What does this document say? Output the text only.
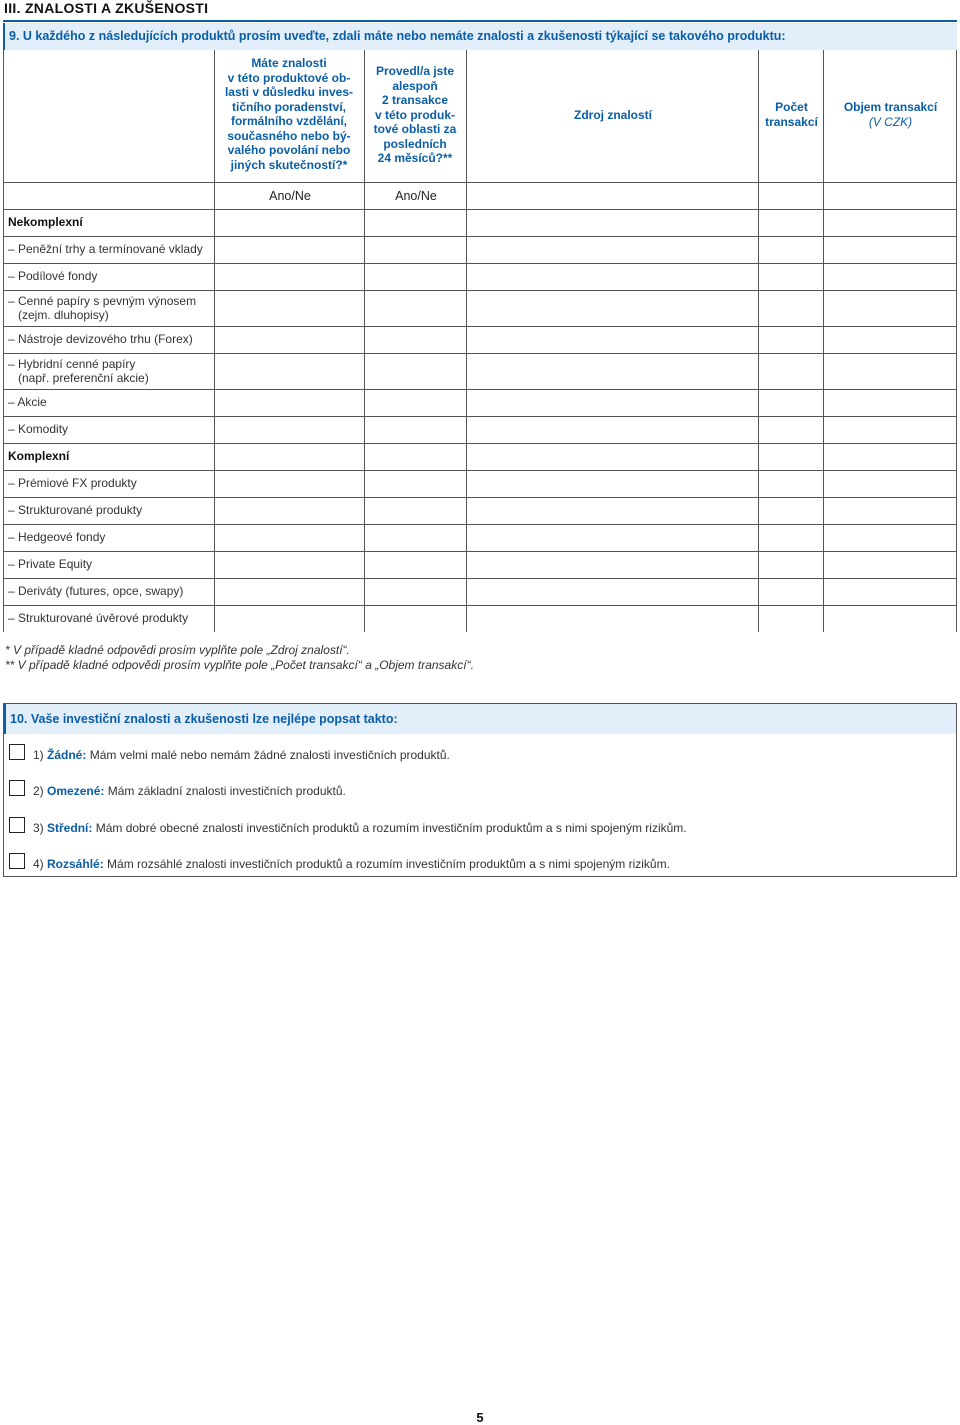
III. ZNALOSTI A ZKUŠENOSTI
9. U každého z následujících produktů prosím uveďte, zdali máte nebo nemáte znalosti a zkušenosti týkající se takového produktu:
Máte znalosti
v této produktové ob-
lasti v důsledku inves-
tičního poradenství,
formálního vzdělání,
současného nebo bý-
valého povolání nebo
jiných skutečností?*
Provedl/a jste
alespoň
2 transakce
v této produk-
tové oblasti za
posledních
24 měsíců?**
Zdroj znalostí
Počet
transakcí
Objem transakcí
(V CZK)
Ano/Ne	Ano/Ne
Nekomplexní
– Peněžní trhy a termínované vklady
– Podílové fondy
– Cenné papíry s pevným výnosem
(zejm. dluhopisy)
– Nástroje devizového trhu (Forex)
– Hybridní cenné papíry
(např. preferenční akcie)
– Akcie
– Komodity
Komplexní
– Prémiové FX produkty
– Strukturované produkty
– Hedgeové fondy
– Private Equity
– Deriváty (futures, opce, swapy)
– Strukturované úvěrové produkty
* V případě kladné odpovědi prosím vyplňte pole „Zdroj znalostí“.
** V případě kladné odpovědi prosím vyplňte pole „Počet transakcí“ a „Objem transakcí“.
10. Vaše investiční znalosti a zkušenosti lze nejlépe popsat takto:
1) Žádné: Mám velmi malé nebo nemám žádné znalosti investičních produktů.
2) Omezené: Mám základní znalosti investičních produktů.
3) Střední: Mám dobré obecné znalosti investičních produktů a rozumím investičním produktům a s nimi spojeným rizikům.
4) Rozsáhlé: Mám rozsáhlé znalosti investičních produktů a rozumím investičním produktům a s nimi spojeným rizikům.
5
